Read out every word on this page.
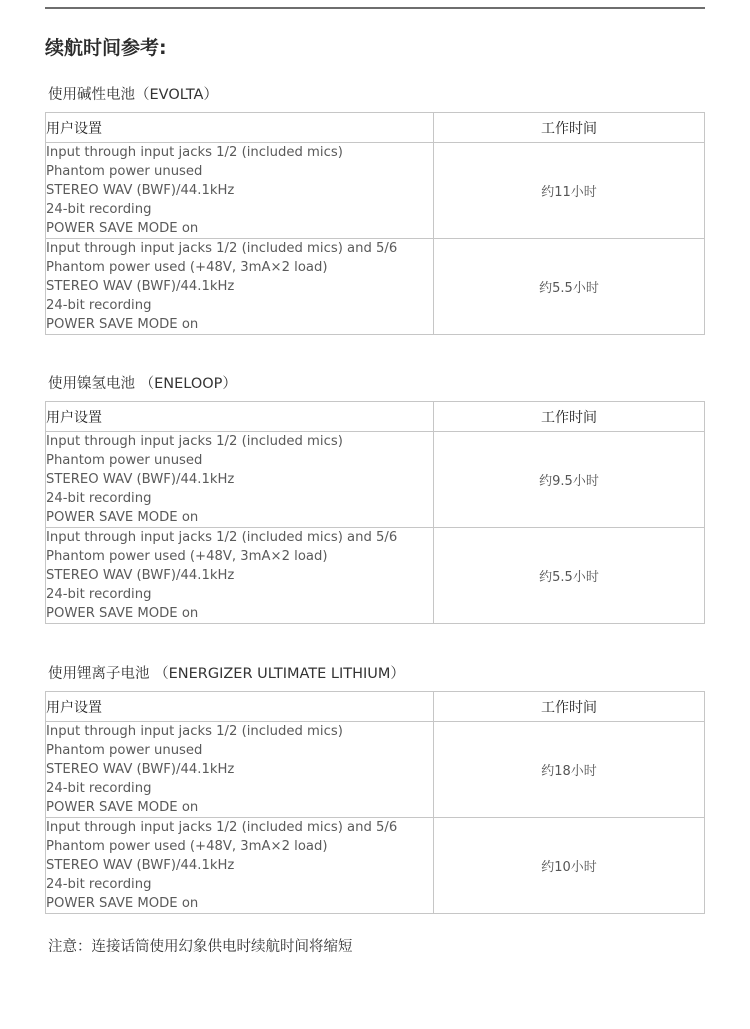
续航时间参考:

使用碱性电池（EVOLTA）

用户设置	工作时间

Input through input jacks 1/2 (included mics)
Phantom power unused
STEREO WAV (BWF)/44.1kHz
24-bit recording
POWER SAVE MODE on	约11小时

Input through input jacks 1/2 (included mics) and 5/6
Phantom power used (+48V, 3mA×2 load)
STEREO WAV (BWF)/44.1kHz
24-bit recording
POWER SAVE MODE on	约5.5小时

使用镍氢电池 （ENELOOP）

用户设置	工作时间

Input through input jacks 1/2 (included mics)
Phantom power unused
STEREO WAV (BWF)/44.1kHz
24-bit recording
POWER SAVE MODE on	约9.5小时

Input through input jacks 1/2 (included mics) and 5/6
Phantom power used (+48V, 3mA×2 load)
STEREO WAV (BWF)/44.1kHz
24-bit recording
POWER SAVE MODE on	约5.5小时

使用锂离子电池 （ENERGIZER ULTIMATE LITHIUM）

用户设置	工作时间

Input through input jacks 1/2 (included mics)
Phantom power unused
STEREO WAV (BWF)/44.1kHz
24-bit recording
POWER SAVE MODE on	约18小时

Input through input jacks 1/2 (included mics) and 5/6
Phantom power used (+48V, 3mA×2 load)
STEREO WAV (BWF)/44.1kHz
24-bit recording
POWER SAVE MODE on	约10小时

注意：连接话筒使用幻象供电时续航时间将缩短
